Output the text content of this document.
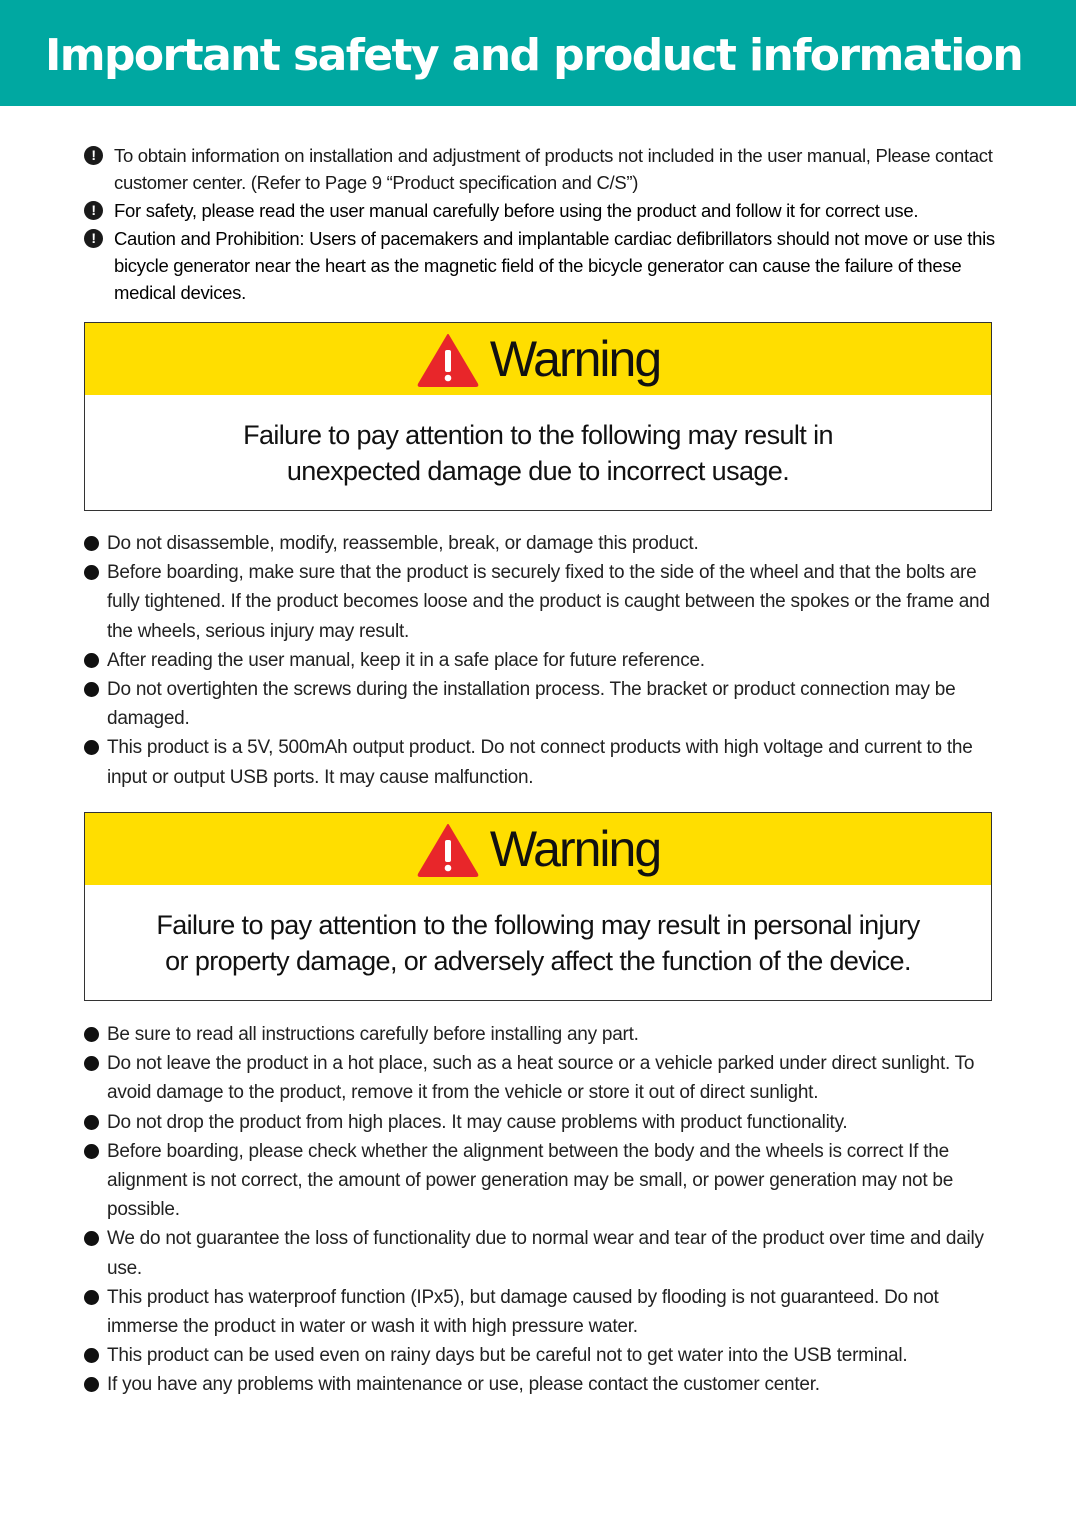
Important safety and product information
! To obtain information on installation and adjustment of products not included in the user manual, Please contact customer center. (Refer to Page 9 “Product specification and C/S”)
! For safety, please read the user manual carefully before using the product and follow it for correct use.
! Caution and Prohibition: Users of pacemakers and implantable cardiac defibrillators should not move or use this bicycle generator near the heart as the magnetic field of the bicycle generator can cause the failure of these medical devices.
Warning
Failure to pay attention to the following may result in
unexpected damage due to incorrect usage.
Do not disassemble, modify, reassemble, break, or damage this product.
Before boarding, make sure that the product is securely fixed to the side of the wheel and that the bolts are fully tightened. If the product becomes loose and the product is caught between the spokes or the frame and the wheels, serious injury may result.
After reading the user manual, keep it in a safe place for future reference.
Do not overtighten the screws during the installation process. The bracket or product connection may be damaged.
This product is a 5V, 500mAh output product. Do not connect products with high voltage and current to the input or output USB ports. It may cause malfunction.
Warning
Failure to pay attention to the following may result in personal injury
or property damage, or adversely affect the function of the device.
Be sure to read all instructions carefully before installing any part.
Do not leave the product in a hot place, such as a heat source or a vehicle parked under direct sunlight. To avoid damage to the product, remove it from the vehicle or store it out of direct sunlight.
Do not drop the product from high places. It may cause problems with product functionality.
Before boarding, please check whether the alignment between the body and the wheels is correct If the alignment is not correct, the amount of power generation may be small, or power generation may not be possible.
We do not guarantee the loss of functionality due to normal wear and tear of the product over time and daily use.
This product has waterproof function (IPx5), but damage caused by flooding is not guaranteed. Do not immerse the product in water or wash it with high pressure water.
This product can be used even on rainy days but be careful not to get water into the USB terminal.
If you have any problems with maintenance or use, please contact the customer center.
